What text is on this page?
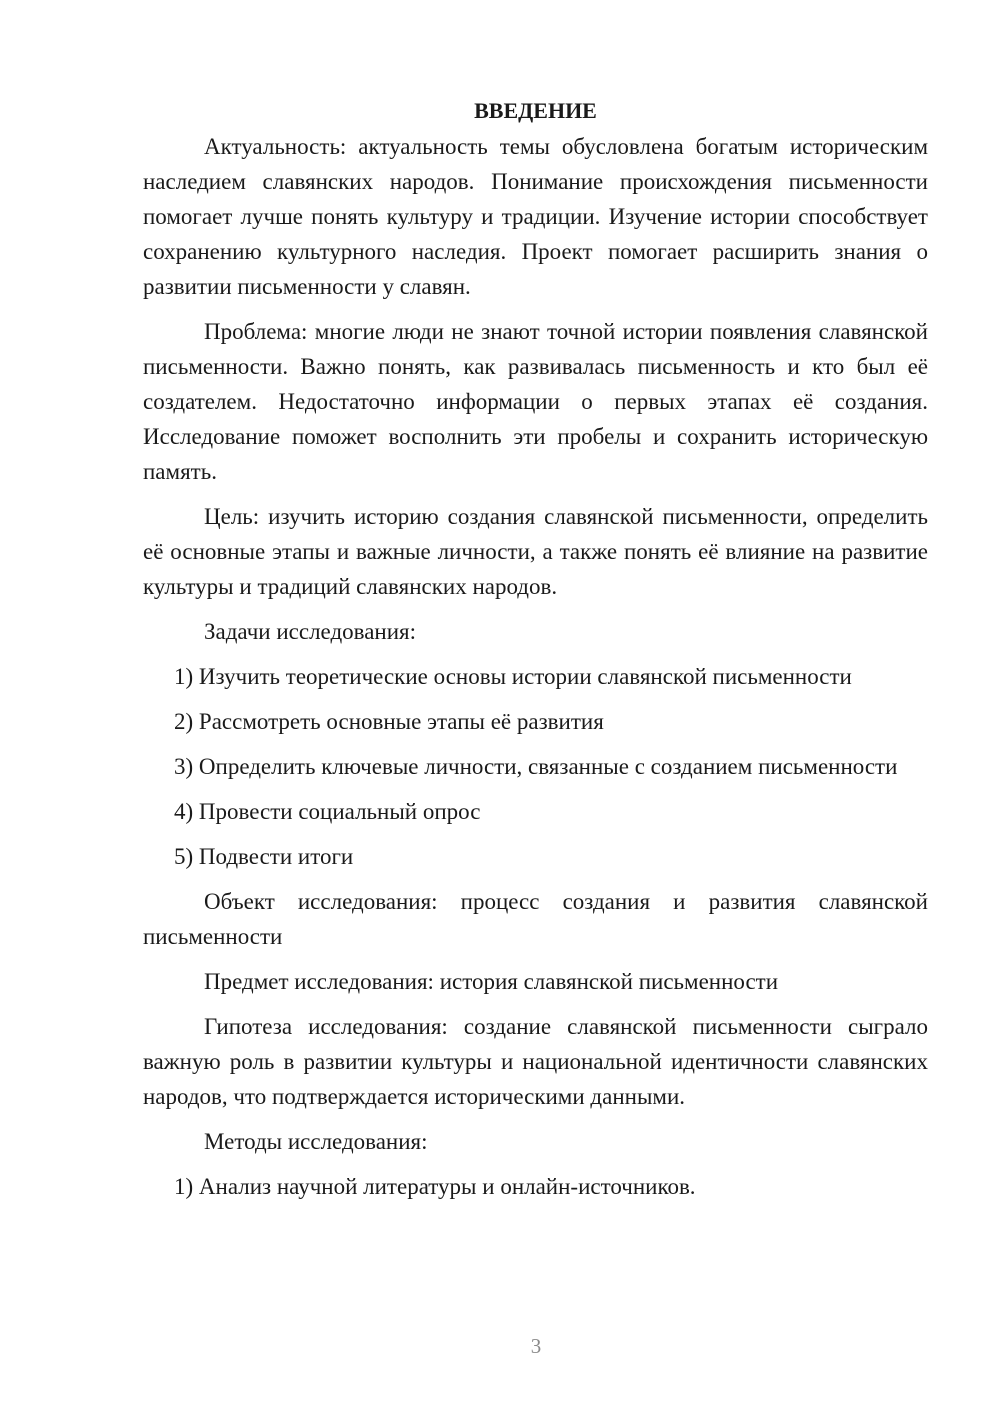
ВВЕДЕНИЕ

Актуальность: актуальность темы обусловлена богатым историческим наследием славянских народов. Понимание происхождения письменности помогает лучше понять культуру и традиции. Изучение истории способствует сохранению культурного наследия. Проект помогает расширить знания о развитии письменности у славян.

Проблема: многие люди не знают точной истории появления славянской письменности. Важно понять, как развивалась письменность и кто был её создателем. Недостаточно информации о первых этапах её создания. Исследование поможет восполнить эти пробелы и сохранить историческую память.

Цель: изучить историю создания славянской письменности, определить её основные этапы и важные личности, а также понять её влияние на развитие культуры и традиций славянских народов.

Задачи исследования:

1) Изучить теоретические основы истории славянской письменности

2) Рассмотреть основные этапы её развития

3) Определить ключевые личности, связанные с созданием письменности

4) Провести социальный опрос

5) Подвести итоги

Объект исследования: процесс создания и развития славянской письменности

Предмет исследования: история славянской письменности

Гипотеза исследования: создание славянской письменности сыграло важную роль в развитии культуры и национальной идентичности славянских народов, что подтверждается историческими данными.

Методы исследования:

1) Анализ научной литературы и онлайн-источников.

3
